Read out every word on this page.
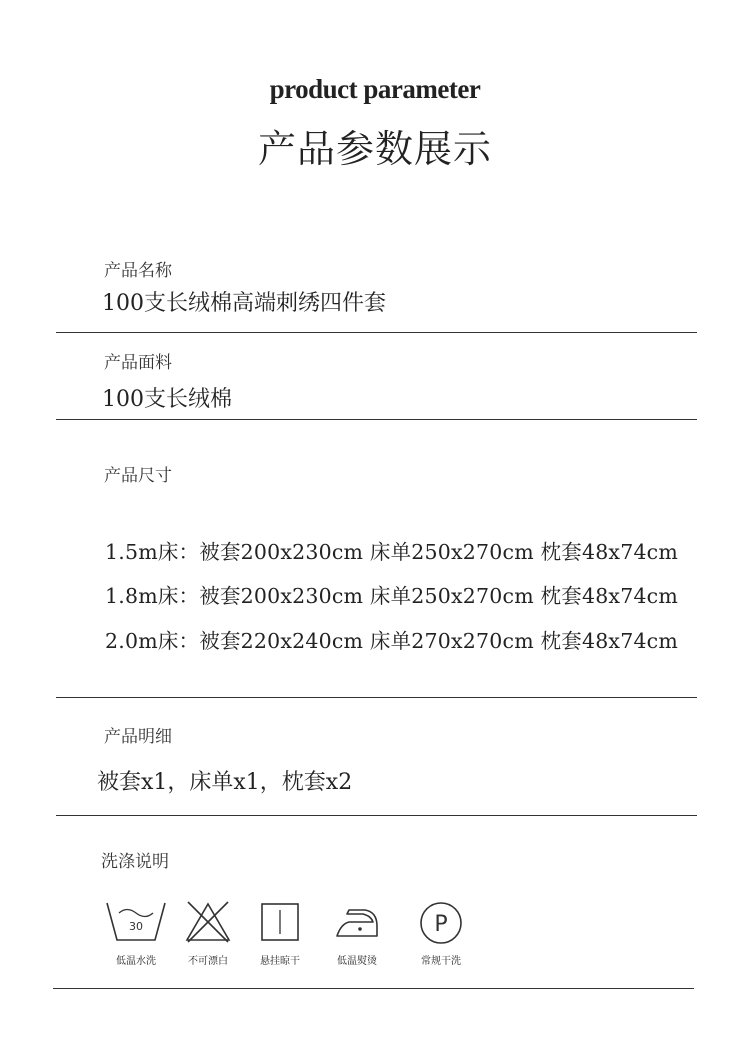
product parameter
产品参数展示
产品名称
100支长绒棉高端刺绣四件套
产品面料
100支长绒棉
产品尺寸
1.5m床：被套200x230cm 床单250x270cm 枕套48x74cm
1.8m床：被套200x230cm 床单250x270cm 枕套48x74cm
2.0m床：被套220x240cm 床单270x270cm 枕套48x74cm
产品明细
被套x1，床单x1，枕套x2
洗涤说明
30
低温水洗	不可漂白	悬挂晾干	低温熨烫
P
常规干洗
